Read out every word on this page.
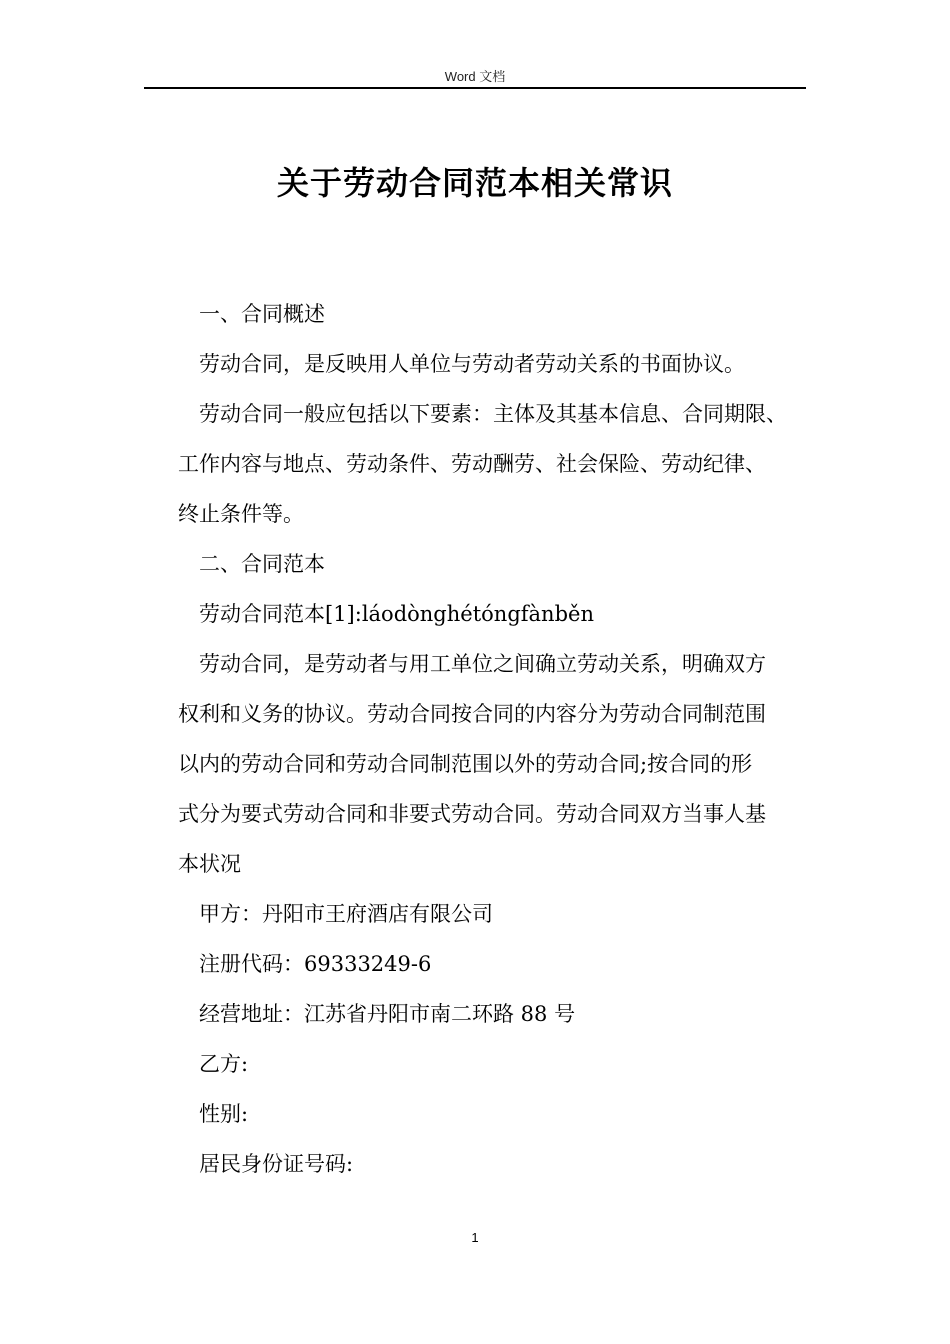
Word 文档
关于劳动合同范本相关常识

一、合同概述

劳动合同，是反映用人单位与劳动者劳动关系的书面协议。

劳动合同一般应包括以下要素：主体及其基本信息、合同期限、

工作内容与地点、劳动条件、劳动酬劳、社会保险、劳动纪律、

终止条件等。

二、合同范本

劳动合同范本[1]:láodònghétóngfànběn

劳动合同，是劳动者与用工单位之间确立劳动关系，明确双方

权利和义务的协议。劳动合同按合同的内容分为劳动合同制范围

以内的劳动合同和劳动合同制范围以外的劳动合同;按合同的形

式分为要式劳动合同和非要式劳动合同。劳动合同双方当事人基

本状况

甲方：丹阳市王府酒店有限公司

注册代码：69333249-6

经营地址：江苏省丹阳市南二环路 88 号

乙方:

性别:

居民身份证号码:

1
